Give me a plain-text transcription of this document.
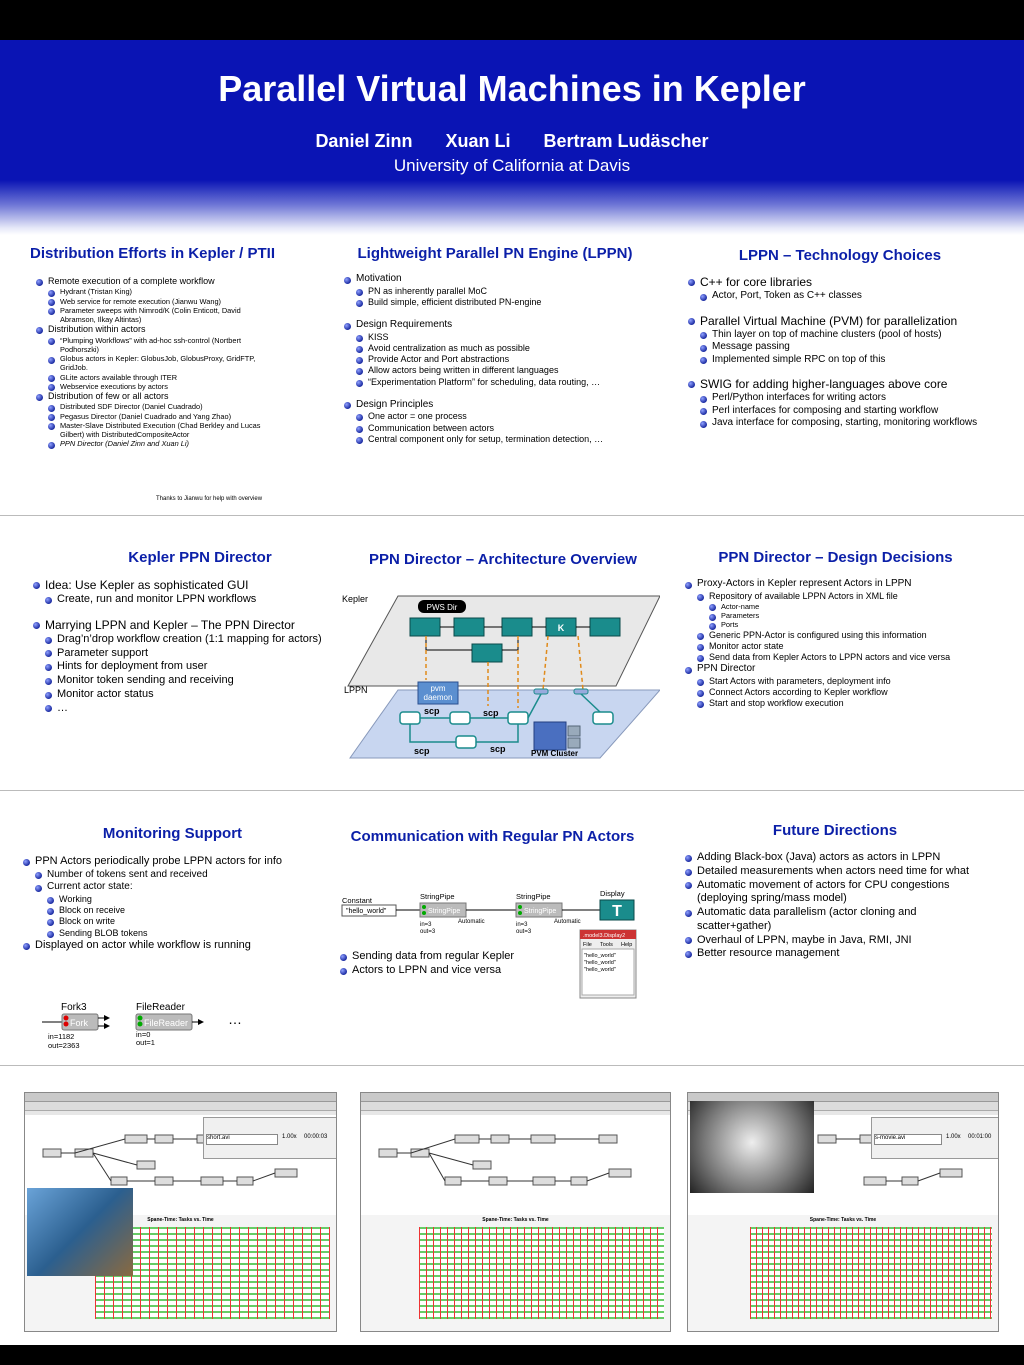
Parallel Virtual Machines in Kepler
Daniel Zinn Xuan Li Bertram Ludäscher
University of California at Davis
Distribution Efforts in Kepler / PTII
Remote execution of a complete workflow
Hydrant (Tristan King)
Web service for remote execution (Jianwu Wang)
Parameter sweeps with Nimrod/K (Colin Enticott, David Abramson, Ilkay Altintas)
Distribution within actors
“Plumping Workflows” with ad-hoc ssh-control (Nortbert Podhorszki)
Globus actors in Kepler: GlobusJob, GlobusProxy, GridFTP, GridJob.
GLite actors available through ITER
Webservice executions by actors
Distribution of few or all actors
Distributed SDF Director (Daniel Cuadrado)
Pegasus Director (Daniel Cuadrado and Yang Zhao)
Master-Slave Distributed Execution (Chad Berkley and Lucas Gilbert) with DistributedCompositeActor
PPN Director (Daniel Zinn and Xuan Li)
Thanks to Jianwu for help with overview
Lightweight Parallel PN Engine (LPPN)
Motivation
PN as inherently parallel MoC
Build simple, efficient distributed PN-engine
Design Requirements
KISS
Avoid centralization as much as possible
Provide Actor and Port abstractions
Allow actors being written in different languages
“Experimentation Platform” for scheduling, data routing, …
Design Principles
One actor = one process
Communication between actors
Central component only for setup, termination detection, …
LPPN – Technology Choices
C++ for core libraries
Actor, Port, Token as C++ classes
Parallel Virtual Machine (PVM) for parallelization
Thin layer on top of machine clusters (pool of hosts)
Message passing
Implemented simple RPC on top of this
SWIG for adding higher-languages above core
Perl/Python interfaces for writing actors
Perl interfaces for composing and starting workflow
Java interface for composing, starting, monitoring workflows
Kepler PPN Director
Idea: Use Kepler as sophisticated GUI
Create, run and monitor LPPN workflows
Marrying LPPN and Kepler – The PPN Director
Drag’n’drop workflow creation (1:1 mapping for actors)
Parameter support
Hints for deployment from user
Monitor token sending and receiving
Monitor actor status
…
PPN Director – Architecture Overview
Kepler
LPPN
PWS Dir
K
pvm
daemon
scp	scp
scp	scp	PVM Cluster
PPN Director – Design Decisions
Proxy-Actors in Kepler represent Actors in LPPN
Repository of available LPPN Actors in XML file
Actor-name
Parameters
Ports
Generic PPN-Actor is configured using this information
Monitor actor state
Send data from Kepler Actors to LPPN actors and vice versa
PPN Director
Start Actors with parameters, deployment info
Connect Actors according to Kepler workflow
Start and stop workflow execution
Monitoring Support
PPN Actors periodically probe LPPN actors for info
Number of tokens sent and received
Current actor state:
Working
Block on receive
Block on write
Sending BLOB tokens
Displayed on actor while workflow is running
Fork3
Fork
in=1182
out=2363
FileReader
FileReader
in=0
out=1
…
Communication with Regular PN Actors
Constant
"hello_world"
StringPipe
StringPipe
in=3
out=3
Automatic
StringPipe
StringPipe
in=3
out=3
Automatic
Display
T
.model3.Display2
File Tools Help
"hello_world"
"hello_world"
"hello_world"
Sending data from regular Kepler
Actors to LPPN and vice versa
Future Directions
Adding Black-box (Java) actors as actors in LPPN
Detailed measurements when actors need time for what
Automatic movement of actors for CPU congestions (deploying spring/mass model)
Automatic data parallelism (actor cloning and scatter+gather)
Overhaul of LPPN, maybe in Java, RMI, JNI
Better resource management
short.avi	1.00x 00:00:03
Spane-Time: Tasks vs. Time	Spane-Time: Tasks vs. Time
s-movie.avi	1.00x 00:01:00
Spane-Time: Tasks vs. Time
